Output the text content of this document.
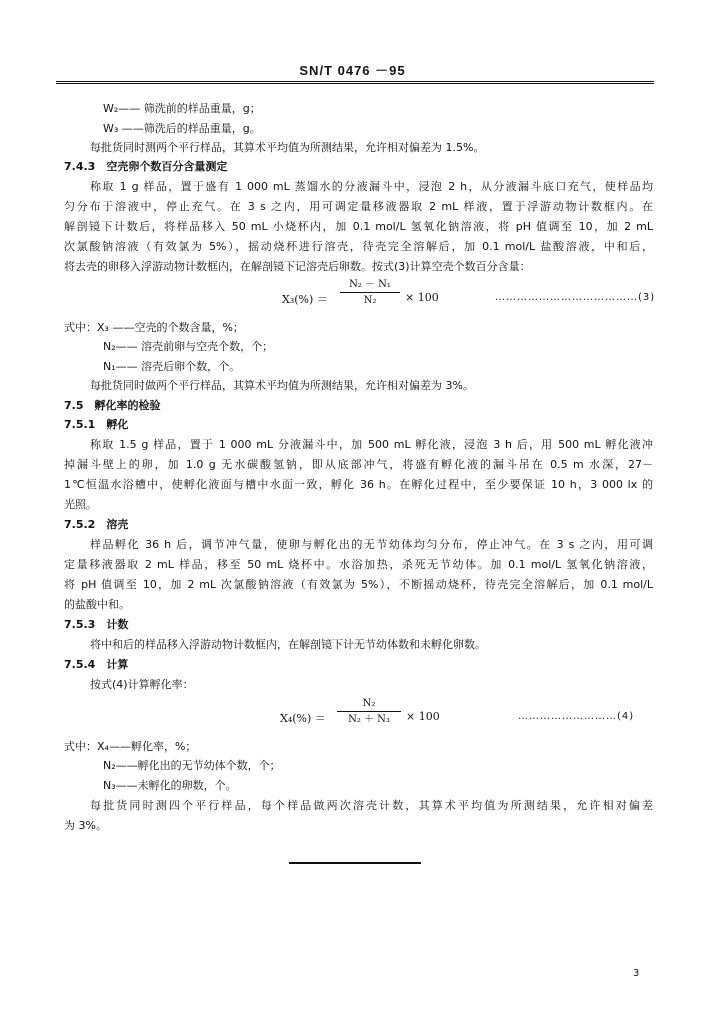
SN/T 0476 －95
W₂—— 筛洗前的样品重量，g；
W₃ ——筛洗后的样品重量，g。
每批货同时测两个平行样品，其算术平均值为所测结果，允许相对偏差为 1.5%。
7.4.3　空壳卵个数百分含量测定
称取 1 g 样品，置于盛有 1 000 mL 蒸馏水的分液漏斗中，浸泡 2 h，从分液漏斗底口充气，使样品均
匀分布于溶液中，停止充气。在 3 s 之内，用可调定量移液器取 2 mL 样液，置于浮游动物计数框内。在
解剖镜下计数后，将样品移入 50 mL 小烧杯内，加 0.1 mol/L 氢氧化钠溶液，将 pH 值调至 10，加 2 mL
次氯酸钠溶液（有效氯为 5%），摇动烧杯进行溶壳，待壳完全溶解后，加 0.1 mol/L 盐酸溶液，中和后，
将去壳的卵移入浮游动物计数框内，在解剖镜下记溶壳后卵数。按式(3)计算空壳个数百分含量：
X₃(%) ＝
N₂ － N₁
N₂	× 100	…………………………………(3)
式中：X₃ ——空壳的个数含量，%；
N₂—— 溶壳前卵与空壳个数，个；
N₁—— 溶壳后卵个数，个。
每批货同时做两个平行样品，其算术平均值为所测结果，允许相对偏差为 3%。
7.5　孵化率的检验
7.5.1　孵化
称取 1.5 g 样品，置于 1 000 mL 分液漏斗中，加 500 mL 孵化液，浸泡 3 h 后，用 500 mL 孵化液冲
掉漏斗壁上的卵，加 1.0 g 无水碳酸氢钠，即从底部冲气，将盛有孵化液的漏斗吊在 0.5 m 水深，27－
1℃恒温水浴槽中，使孵化液面与槽中水面一致，孵化 36 h。在孵化过程中，至少要保证 10 h，3 000 lx 的
光照。
7.5.2　溶壳
样品孵化 36 h 后，调节冲气量，使卵与孵化出的无节幼体均匀分布，停止冲气。在 3 s 之内，用可调
定量移液器取 2 mL 样品，移至 50 mL 烧杯中。水浴加热，杀死无节幼体。加 0.1 mol/L 氢氧化钠溶液，
将 pH 值调至 10，加 2 mL 次氯酸钠溶液（有效氯为 5%），不断摇动烧杯，待壳完全溶解后，加 0.1 mol/L
的盐酸中和。
7.5.3　计数
将中和后的样品移入浮游动物计数框内，在解剖镜下计无节幼体数和未孵化卵数。
7.5.4　计算
按式(4)计算孵化率：
X₄(%) ＝
N₂
N₂ ＋ N₃	× 100	………………………(4)
式中：X₄——孵化率，%；
N₂——孵化出的无节幼体个数，个；
N₃——未孵化的卵数，个。
每批货同时测四个平行样品，每个样品做两次溶壳计数，其算术平均值为所测结果，允许相对偏差
为 3%。
3
